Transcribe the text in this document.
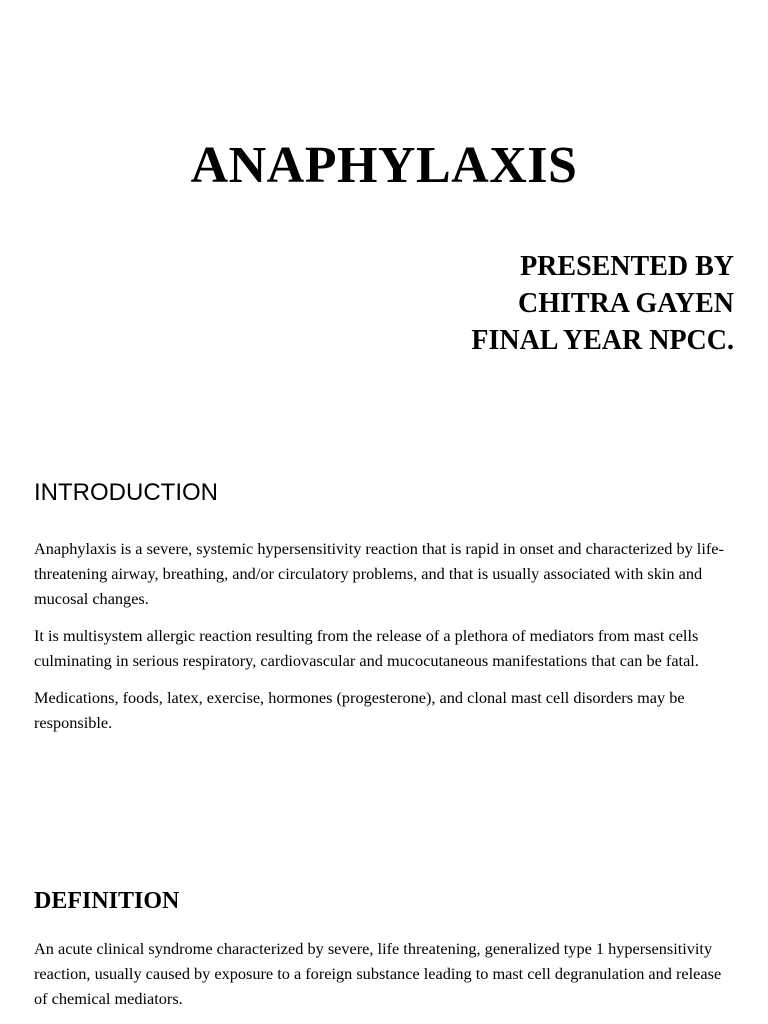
ANAPHYLAXIS
PRESENTED BY
CHITRA GAYEN
FINAL YEAR NPCC.
INTRODUCTION

Anaphylaxis is a severe, systemic hypersensitivity reaction that is rapid in onset and characterized by life-threatening airway, breathing, and/or circulatory problems, and that is usually associated with skin and mucosal changes.

It is multisystem allergic reaction resulting from the release of a plethora of mediators from mast cells culminating in serious respiratory, cardiovascular and mucocutaneous manifestations that can be fatal.

Medications, foods, latex, exercise, hormones (progesterone), and clonal mast cell disorders may be responsible.

DEFINITION

An acute clinical syndrome characterized by severe, life threatening, generalized type 1 hypersensitivity reaction, usually caused by exposure to a foreign substance leading to mast cell degranulation and release of chemical mediators.
